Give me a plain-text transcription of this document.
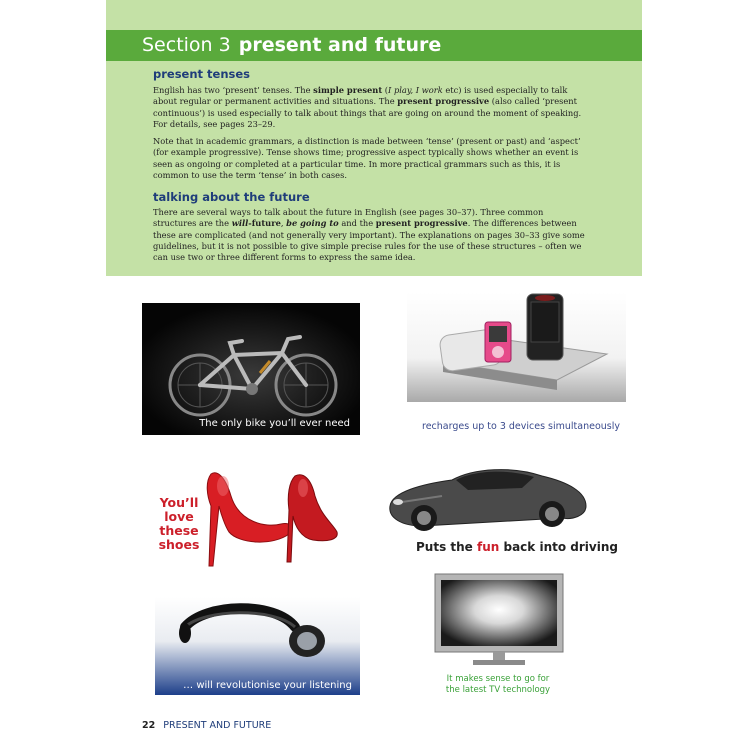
Section 3 present and future
present tenses
English has two ‘present’ tenses. The simple present (I play, I work etc) is used especially to talk about regular or permanent activities and situations. The present progressive (also called ‘present continuous’) is used especially to talk about things that are going on around the moment of speaking. For details, see pages 23–29.
Note that in academic grammars, a distinction is made between ‘tense’ (present or past) and ‘aspect’ (for example progressive). Tense shows time; progressive aspect typically shows whether an event is seen as ongoing or completed at a particular time. In more practical grammars such as this, it is common to use the term ‘tense’ in both cases.
talking about the future
There are several ways to talk about the future in English (see pages 30–37). Three common structures are the will-future, be going to and the present progressive. The differences between these are complicated (and not generally very important). The explanations on pages 30–33 give some guidelines, but it is not possible to give simple precise rules for the use of these structures – often we can use two or three different forms to express the same idea.
The only bike you’ll ever need	recharges up to 3 devices simultaneously
You’ll
love
these
shoes	Puts the fun back into driving
… will revolutionise your listening
It makes sense to go for
the latest TV technology
22 PRESENT AND FUTURE
